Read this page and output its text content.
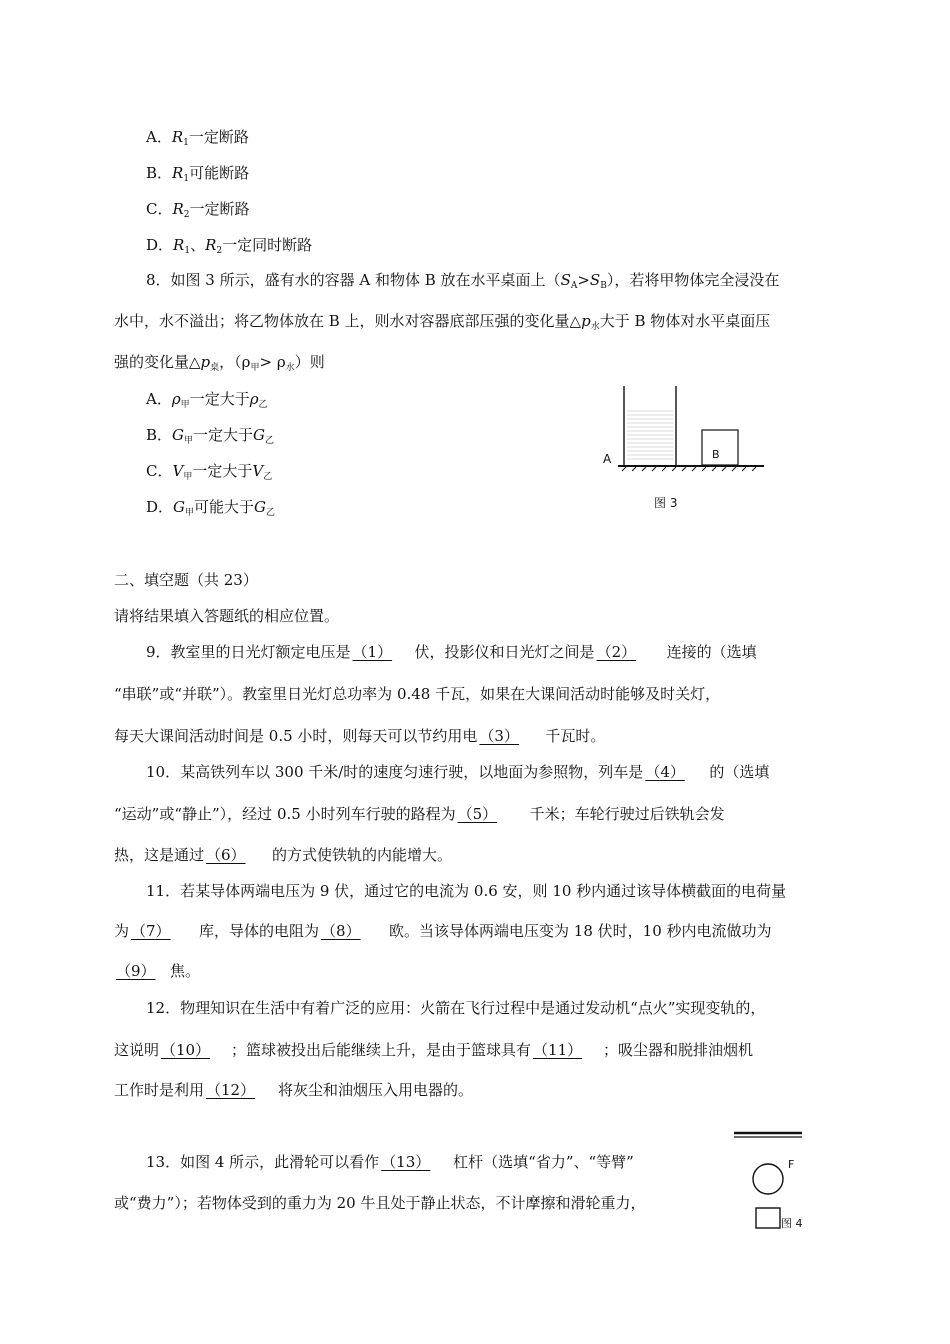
A．$R_1$一定断路
B．$R_1$可能断路
C．$R_2$一定断路
D．$R_1$、$R_2$一定同时断路
8．如图 3 所示，盛有水的容器 A 和物体 B 放在水平桌面上$(S_A>S_B)$，若将甲物体完全浸没在
水中，水不溢出；将乙物体放在 B 上，则水对容器底部压强的变化量$\triangle p_水$大于 B 物体对水平桌面压
强的变化量$\triangle p_桌$，$(\rho_甲> \rho_水)$则
A．$\rho_甲$一定大于$\rho_乙$
B．$G_甲$一定大于$G_乙$
C．$V_甲$一定大于$V_乙$
D．$G_甲$可能大于$G_乙$
B
A
图 3
二、填空题（共 23）
请将结果填入答题纸的相应位置。
9．教室里的日光灯额定电压是 （1） 伏，投影仪和日光灯之间是 （2） 连接的（选填
“串联”或“并联”）。教室里日光灯总功率为 0.48 千瓦，如果在大课间活动时能够及时关灯，
每天大课间活动时间是 0.5 小时，则每天可以节约用电 （3） 千瓦时。
10．某高铁列车以 300 千米/时的速度匀速行驶，以地面为参照物，列车是 （4） 的（选填
“运动”或“静止”），经过 0.5 小时列车行驶的路程为 （5） 千米；车轮行驶过后铁轨会发
热，这是通过 （6） 的方式使铁轨的内能增大。
11．若某导体两端电压为 9 伏，通过它的电流为 0.6 安，则 10 秒内通过该导体横截面的电荷量
为 （7） 库，导体的电阻为 （8） 欧。当该导体两端电压变为 18 伏时，10 秒内电流做功为
（9） 焦。
12．物理知识在生活中有着广泛的应用：火箭在飞行过程中是通过发动机“点火”实现变轨的，
这说明 （10） ；篮球被投出后能继续上升，是由于篮球具有 （11） ；吸尘器和脱排油烟机
工作时是利用 （12） 将灰尘和油烟压入用电器的。
13．如图 4 所示，此滑轮可以看作 （13） 杠杆（选填“省力”、“等臂”
或“费力”）；若物体受到的重力为 20 牛且处于静止状态，不计摩擦和滑轮重力，
F
图 4
